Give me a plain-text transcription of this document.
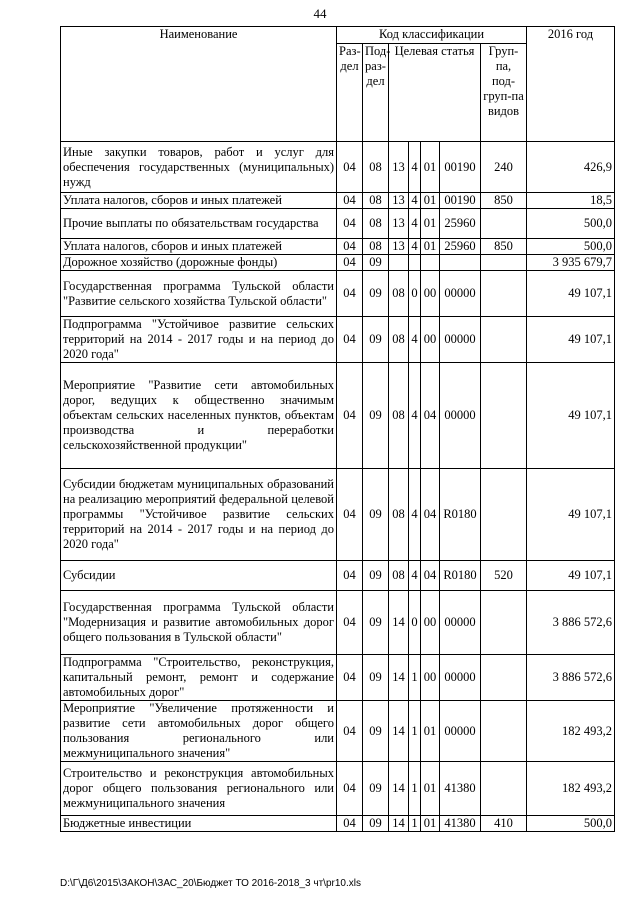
44
Наименование	Код классификации							2016 год
	Раз-дел	Под-раз-дел	Целевая статья				Груп-па, под-груп-па видов	
Иные закупки товаров, работ и услуг для обеспечения государственных (муниципальных) нужд	04	08	13	4	01	00190	240	426,9
Уплата налогов, сборов и иных платежей	04	08	13	4	01	00190	850	18,5
Прочие выплаты по обязательствам государства	04	08	13	4	01	25960		500,0
Уплата налогов, сборов и иных платежей	04	08	13	4	01	25960	850	500,0
Дорожное хозяйство (дорожные фонды)	04	09						3 935 679,7
Государственная программа Тульской области "Развитие сельского хозяйства Тульской области"	04	09	08	0	00	00000		49 107,1
Подпрограмма "Устойчивое развитие сельских территорий на 2014 - 2017 годы и на период до 2020 года"	04	09	08	4	00	00000		49 107,1
Мероприятие "Развитие сети автомобильных дорог, ведущих к общественно значимым объектам сельских населенных пунктов, объектам производства и переработки сельскохозяйственной продукции"	04	09	08	4	04	00000		49 107,1
Субсидии бюджетам муниципальных образований на реализацию мероприятий федеральной целевой программы "Устойчивое развитие сельских территорий на 2014 - 2017 годы и на период до 2020 года"	04	09	08	4	04	R0180		49 107,1
Субсидии	04	09	08	4	04	R0180	520	49 107,1
Государственная программа Тульской области "Модернизация и развитие автомобильных дорог общего пользования в Тульской области"	04	09	14	0	00	00000		3 886 572,6
Подпрограмма "Строительство, реконструкция, капитальный ремонт, ремонт и содержание автомобильных дорог"	04	09	14	1	00	00000		3 886 572,6
Мероприятие "Увеличение протяженности и развитие сети автомобильных дорог общего пользования регионального или межмуниципального значения"	04	09	14	1	01	00000		182 493,2
Строительство и реконструкция автомобильных дорог общего пользования регионального или межмуниципального значения	04	09	14	1	01	41380		182 493,2
Бюджетные инвестиции	04	09	14	1	01	41380	410	500,0
D:\Г\Д6\2015\ЗАКОН\ЗАС_20\Бюджет ТО 2016-2018_3 чт\pr10.xls
